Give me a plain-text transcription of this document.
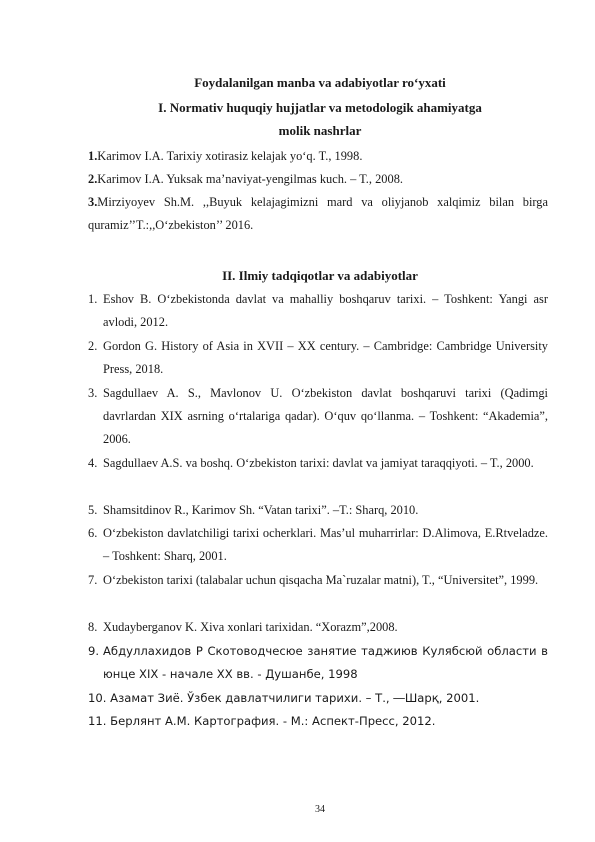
Foydalanilgan manba va adabiyotlar ro‘yxati
I. Normativ huquqiy hujjatlar va metodologik ahamiyatga molik nashrlar
1.Karimov I.A. Tarixiy xotirasiz kelajak yo‘q. T., 1998.
2.Karimov I.A. Yuksak ma’naviyat-yengilmas kuch. – T., 2008.
3.Mirziyoyev Sh.M. ,,Buyuk kelajagimizni mard va oliyjanob xalqimiz bilan birga quramiz’’T.:,,O‘zbekiston’’ 2016.
II. Ilmiy tadqiqotlar va adabiyotlar
1. Eshov B. O‘zbekistonda davlat va mahalliy boshqaruv tarixi. – Toshkent: Yangi asr avlodi, 2012.
2. Gordon G. History of Asia in XVII – XX century. – Cambridge: Cambridge University Press, 2018.
3. Sagdullaev A. S., Mavlonov U. O‘zbekiston davlat boshqaruvi tarixi (Qadimgi davrlardan XIX asrning o‘rtalariga qadar). O‘quv qo‘llanma. – Toshkent: “Akademia”, 2006.
4. Sagdullaev A.S. va boshq. O‘zbekiston tarixi: davlat va jamiyat taraqqiyoti. – T., 2000.
5. Shamsitdinov R., Karimov Sh. “Vatan tarixi”. –T.: Sharq, 2010.
6. O‘zbekiston davlatchiligi tarixi ocherklari. Mas’ul muharrirlar: D.Alimova, E.Rtveladze. – Toshkent: Sharq, 2001.
7. O‘zbekiston tarixi (talabalar uchun qisqacha Ma`ruzalar matni), T., “Universitet”, 1999.
8. Xudayberganov K. Xiva xonlari tarixidan. “Xorazm”,2008.
9. Абдуллахидов Р Скотоводчесюе занятие таджиюв Кулябсюй области в юнце XIX - начале XX вв. - Душанбе, 1998
10. Азамат Зиё. Ўзбек давлатчилиги тарихи. – Т., ―Шарқ, 2001.
11. Берлянт А.М. Картография. - М.: Аспект-Пресс, 2012.
34
